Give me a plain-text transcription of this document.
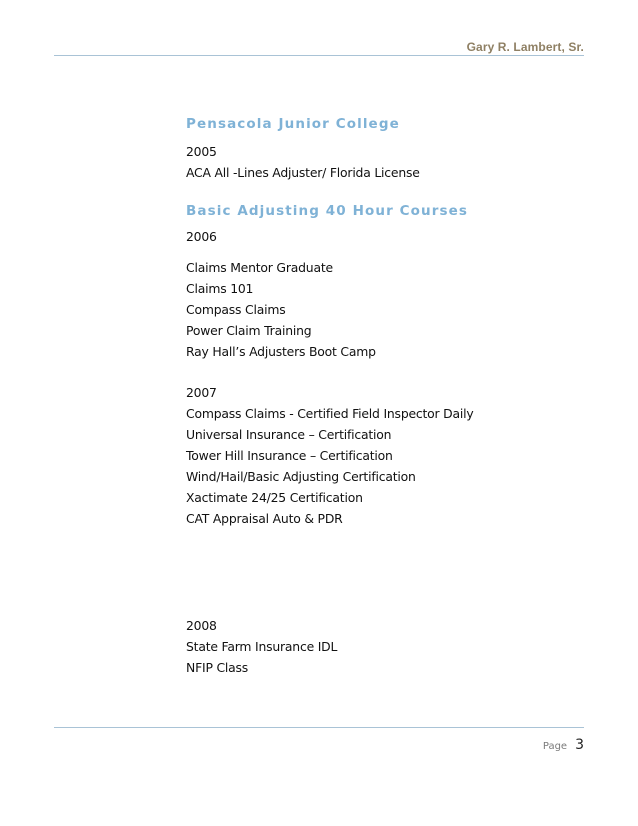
Gary R. Lambert, Sr.
Pensacola Junior College
2005
ACA All -Lines Adjuster/ Florida License
Basic Adjusting 40 Hour Courses
2006
Claims Mentor Graduate
Claims 101
Compass Claims
Power Claim Training
Ray Hall’s Adjusters Boot Camp
2007
Compass Claims - Certified Field Inspector Daily
Universal Insurance – Certification
Tower Hill Insurance – Certification
Wind/Hail/Basic Adjusting Certification
Xactimate 24/25 Certification
CAT Appraisal Auto & PDR
2008
State Farm Insurance IDL
NFIP Class
Page 3
